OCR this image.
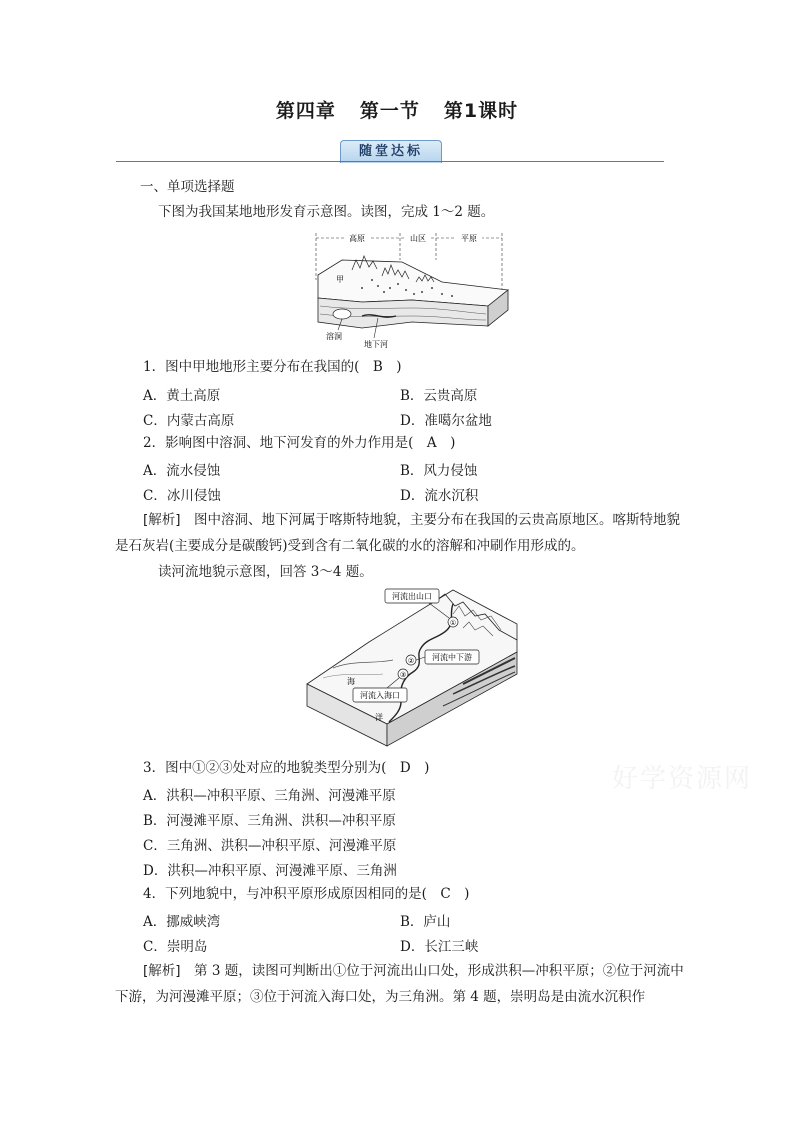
第四章 第一节 第1课时
随堂达标
一、单项选择题
下图为我国某地地形发育示意图。读图，完成 1～2 题。
高原	山区	平原
甲
溶洞
地下河
1．图中甲地地形主要分布在我国的(　B　)
A．黄土高原	B．云贵高原
C．内蒙古高原	D．准噶尔盆地
2．影响图中溶洞、地下河发育的外力作用是(　A　)
A．流水侵蚀	B．风力侵蚀
C．冰川侵蚀	D．流水沉积
[解析]　图中溶洞、地下河属于喀斯特地貌，主要分布在我国的云贵高原地区。喀斯特地貌是石灰岩(主要成分是碳酸钙)受到含有二氧化碳的水的溶解和冲刷作用形成的。
读河流地貌示意图，回答 3～4 题。
①
②
③
河流出山口
河流中下游
河流入海口
海
洋
好学资源网
3．图中①②③处对应的地貌类型分别为(　D　)
A．洪积—冲积平原、三角洲、河漫滩平原
B．河漫滩平原、三角洲、洪积—冲积平原
C．三角洲、洪积—冲积平原、河漫滩平原
D．洪积—冲积平原、河漫滩平原、三角洲
4．下列地貌中，与冲积平原形成原因相同的是(　C　)
A．挪威峡湾	B．庐山
C．崇明岛	D．长江三峡
[解析]　第 3 题，读图可判断出①位于河流出山口处，形成洪积—冲积平原；②位于河流中下游，为河漫滩平原；③位于河流入海口处，为三角洲。第 4 题，崇明岛是由流水沉积作
